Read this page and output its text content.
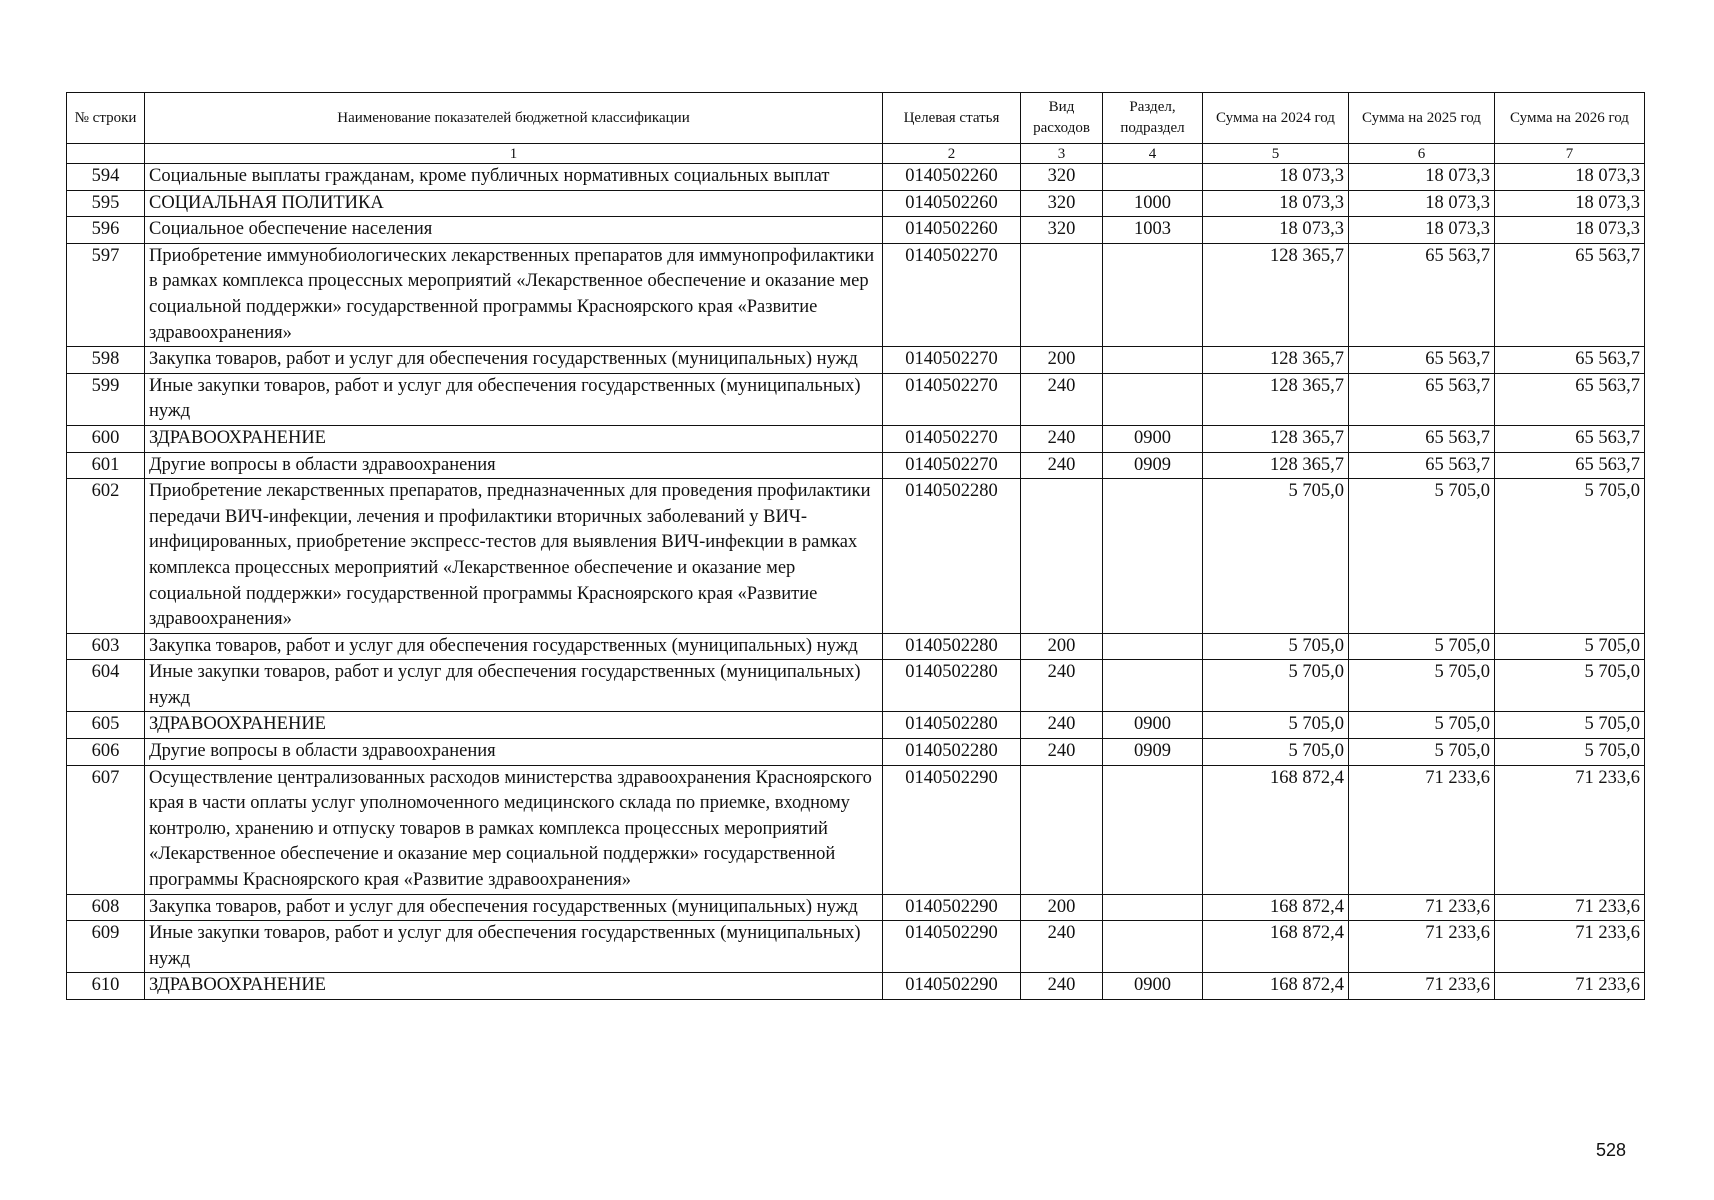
№ строки	Наименование показателей бюджетной классификации	Целевая статья	Вид расходов	Раздел, подраздел	Сумма на 2024 год	Сумма на 2025 год	Сумма на 2026 год
	1	2	3	4	5	6	7
594	Социальные выплаты гражданам, кроме публичных нормативных социальных выплат	0140502260	320		18 073,3	18 073,3	18 073,3
595	СОЦИАЛЬНАЯ ПОЛИТИКА	0140502260	320	1000	18 073,3	18 073,3	18 073,3
596	Социальное обеспечение населения	0140502260	320	1003	18 073,3	18 073,3	18 073,3
597	Приобретение иммунобиологических лекарственных препаратов для иммунопрофилактики в рамках комплекса процессных мероприятий «Лекарственное обеспечение и оказание мер социальной поддержки» государственной программы Красноярского края «Развитие здравоохранения»	0140502270			128 365,7	65 563,7	65 563,7
598	Закупка товаров, работ и услуг для обеспечения государственных (муниципальных) нужд	0140502270	200		128 365,7	65 563,7	65 563,7
599	Иные закупки товаров, работ и услуг для обеспечения государственных (муниципальных) нужд	0140502270	240		128 365,7	65 563,7	65 563,7
600	ЗДРАВООХРАНЕНИЕ	0140502270	240	0900	128 365,7	65 563,7	65 563,7
601	Другие вопросы в области здравоохранения	0140502270	240	0909	128 365,7	65 563,7	65 563,7
602	Приобретение лекарственных препаратов, предназначенных для проведения профилактики передачи ВИЧ-инфекции, лечения и профилактики вторичных заболеваний у ВИЧ-инфицированных, приобретение экспресс-тестов для выявления ВИЧ-инфекции в рамках комплекса процессных мероприятий «Лекарственное обеспечение и оказание мер социальной поддержки» государственной программы Красноярского края «Развитие здравоохранения»	0140502280			5 705,0	5 705,0	5 705,0
603	Закупка товаров, работ и услуг для обеспечения государственных (муниципальных) нужд	0140502280	200		5 705,0	5 705,0	5 705,0
604	Иные закупки товаров, работ и услуг для обеспечения государственных (муниципальных) нужд	0140502280	240		5 705,0	5 705,0	5 705,0
605	ЗДРАВООХРАНЕНИЕ	0140502280	240	0900	5 705,0	5 705,0	5 705,0
606	Другие вопросы в области здравоохранения	0140502280	240	0909	5 705,0	5 705,0	5 705,0
607	Осуществление централизованных расходов министерства здравоохранения Красноярского края в части оплаты услуг уполномоченного медицинского склада по приемке, входному контролю, хранению и отпуску товаров в рамках комплекса процессных мероприятий «Лекарственное обеспечение и оказание мер социальной поддержки» государственной программы Красноярского края «Развитие здравоохранения»	0140502290			168 872,4	71 233,6	71 233,6
608	Закупка товаров, работ и услуг для обеспечения государственных (муниципальных) нужд	0140502290	200		168 872,4	71 233,6	71 233,6
609	Иные закупки товаров, работ и услуг для обеспечения государственных (муниципальных) нужд	0140502290	240		168 872,4	71 233,6	71 233,6
610	ЗДРАВООХРАНЕНИЕ	0140502290	240	0900	168 872,4	71 233,6	71 233,6
528
